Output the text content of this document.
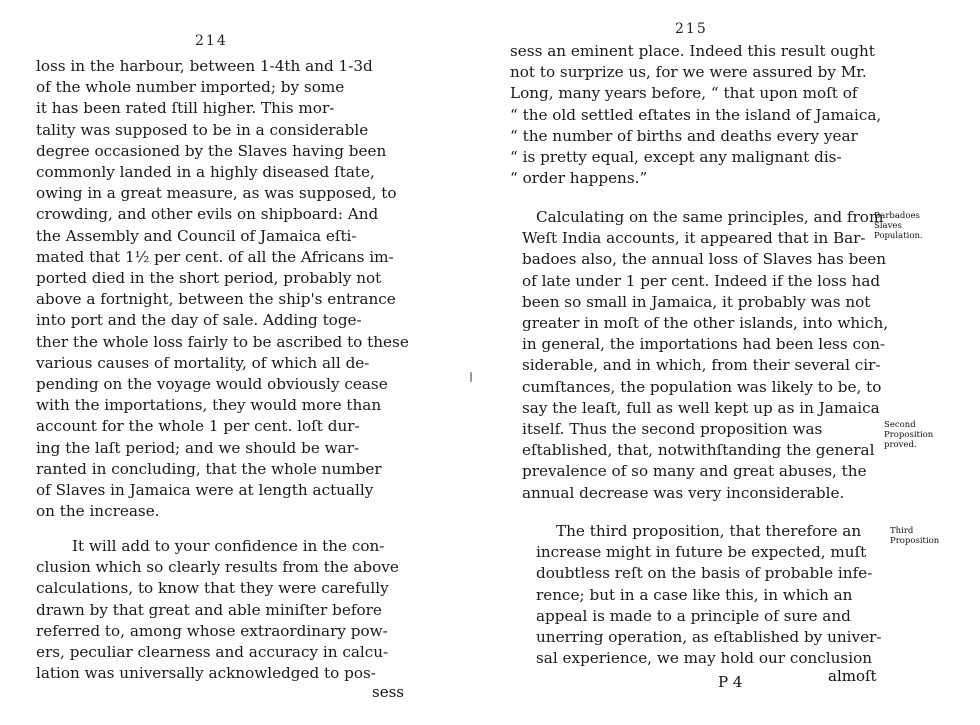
214
loss in the harbour, between 1-4th and 1-3d
of the whole number imported; by some
it has been rated ſtill higher. This mor-
tality was supposed to be in a considerable
degree occasioned by the Slaves having been
commonly landed in a highly diseased ſtate,
owing in a great measure, as was supposed, to
crowding, and other evils on shipboard: And
the Assembly and Council of Jamaica eſti-
mated that 1½ per cent. of all the Africans im-
ported died in the short period, probably not
above a fortnight, between the ship's entrance
into port and the day of sale. Adding toge-
ther the whole loss fairly to be ascribed to these
various causes of mortality, of which all de-
pending on the voyage would obviously cease
with the importations, they would more than
account for the whole 1 per cent. loſt dur-
ing the laſt period; and we should be war-
ranted in concluding, that the whole number
of Slaves in Jamaica were at length actually
on the increase.
It will add to your confidence in the con-
clusion which so clearly results from the above
calculations, to know that they were carefully
drawn by that great and able miniſter before
referred to, among whose extraordinary pow-
ers, peculiar clearness and accuracy in calcu-
lation was universally acknowledged to pos-
sess
215
sess an eminent place. Indeed this result ought
not to surprize us, for we were assured by Mr.
Long, many years before, “ that upon moſt of
“ the old settled eſtates in the island of Jamaica,
“ the number of births and deaths every year
“ is pretty equal, except any malignant dis-
“ order happens.”
Calculating on the same principles, and from
Weſt India accounts, it appeared that in Bar-
badoes also, the annual loss of Slaves has been
of late under 1 per cent. Indeed if the loss had
been so small in Jamaica, it probably was not
greater in moſt of the other islands, into which,
in general, the importations had been less con-
siderable, and in which, from their several cir-
cumſtances, the population was likely to be, to
say the leaſt, full as well kept up as in Jamaica
itself. Thus the second proposition was
eſtablished, that, notwithſtanding the general
prevalence of so many and great abuses, the
annual decrease was very inconsiderable.
The third proposition, that therefore an
increase might in future be expected, muſt
doubtless reſt on the basis of probable infe-
rence; but in a case like this, in which an
appeal is made to a principle of sure and
unerring operation, as eſtablished by univer-
sal experience, we may hold our conclusion
P 4	almoſt
Barbadoes
Slaves
Population.
Second
Proposition
proved.
Third
Proposition
